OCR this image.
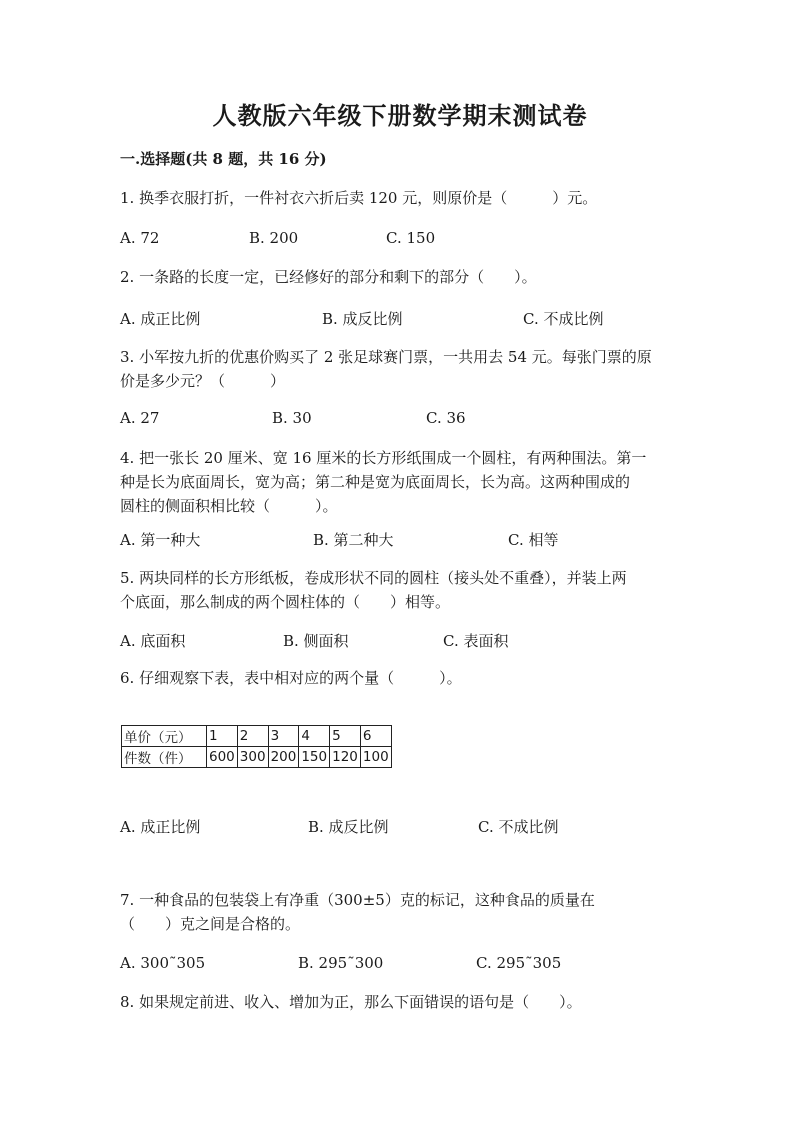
人教版六年级下册数学期末测试卷
一.选择题(共 8 题，共 16 分)
1. 换季衣服打折，一件衬衣六折后卖 120 元，则原价是（　　　）元。
A. 72	B. 200	C. 150
2. 一条路的长度一定，已经修好的部分和剩下的部分（　　）。
A. 成正比例	B. 成反比例	C. 不成比例
3. 小军按九折的优惠价购买了 2 张足球赛门票，一共用去 54 元。每张门票的原
价是多少元？（　　　）
A. 27	B. 30	C. 36
4. 把一张长 20 厘米、宽 16 厘米的长方形纸围成一个圆柱，有两种围法。第一
种是长为底面周长，宽为高；第二种是宽为底面周长，长为高。这两种围成的
圆柱的侧面积相比较（　　　）。
A. 第一种大	B. 第二种大	C. 相等
5. 两块同样的长方形纸板，卷成形状不同的圆柱（接头处不重叠），并装上两
个底面，那么制成的两个圆柱体的（　　）相等。
A. 底面积	B. 侧面积	C. 表面积
6. 仔细观察下表，表中相对应的两个量（　　　）。
单价（元）	1	2	3	4	5	6
件数（件）	600	300	200	150	120	100
A. 成正比例	B. 成反比例	C. 不成比例
7. 一种食品的包装袋上有净重（300±5）克的标记，这种食品的质量在
（　　）克之间是合格的。
A. 300˜305	B. 295˜300	C. 295˜305
8. 如果规定前进、收入、增加为正，那么下面错误的语句是（　　）。
